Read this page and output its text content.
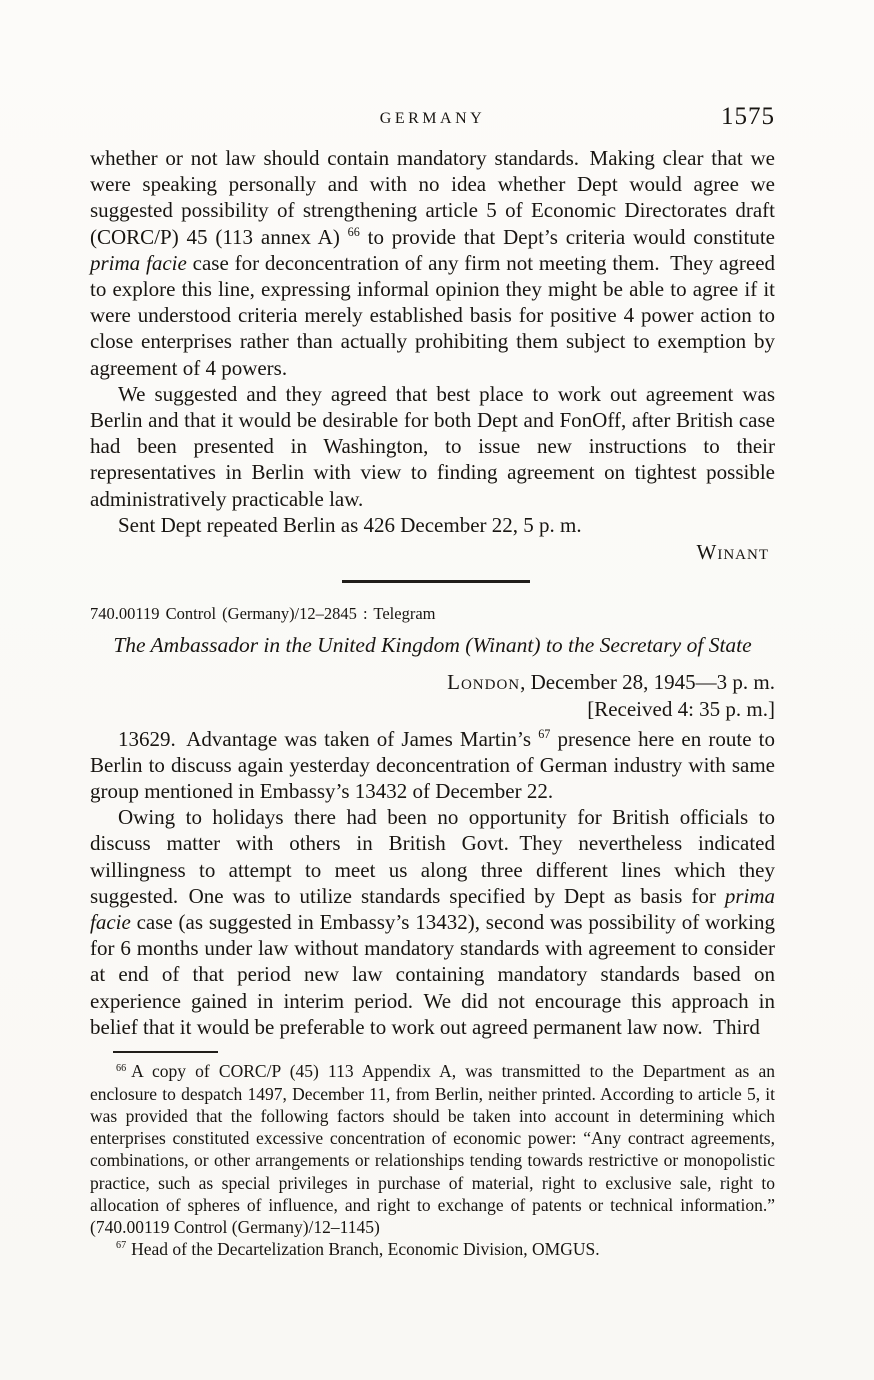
GERMANY	1575

whether or not law should contain mandatory standards. Making clear that we were speaking personally and with no idea whether Dept would agree we suggested possibility of strengthening article 5 of Economic Directorates draft (CORC/P) 45 (113 annex A) $^{66}$ to provide that Dept’s criteria would constitute prima facie case for deconcentration of any firm not meeting them. They agreed to explore this line, expressing informal opinion they might be able to agree if it were understood criteria merely established basis for positive 4 power action to close enterprises rather than actually prohibiting them subject to exemption by agreement of 4 powers.

We suggested and they agreed that best place to work out agreement was Berlin and that it would be desirable for both Dept and FonOff, after British case had been presented in Washington, to issue new instructions to their representatives in Berlin with view to finding agreement on tightest possible administratively practicable law.

Sent Dept repeated Berlin as 426 December 22, 5 p. m.

Winant

740.00119 Control (Germany)/12–2845 : Telegram

The Ambassador in the United Kingdom (Winant) to the Secretary of State

London, December 28, 1945—3 p. m.

[Received 4: 35 p. m.]

13629. Advantage was taken of James Martin’s $^{67}$ presence here en route to Berlin to discuss again yesterday deconcentration of German industry with same group mentioned in Embassy’s 13432 of December 22.

Owing to holidays there had been no opportunity for British officials to discuss matter with others in British Govt. They nevertheless indicated willingness to attempt to meet us along three different lines which they suggested. One was to utilize standards specified by Dept as basis for prima facie case (as suggested in Embassy’s 13432), second was possibility of working for 6 months under law without mandatory standards with agreement to consider at end of that period new law containing mandatory standards based on experience gained in interim period. We did not encourage this approach in belief that it would be preferable to work out agreed permanent law now. Third

$^{66}$ A copy of CORC/P (45) 113 Appendix A, was transmitted to the Department as an enclosure to despatch 1497, December 11, from Berlin, neither printed. According to article 5, it was provided that the following factors should be taken into account in determining which enterprises constituted excessive concentration of economic power: “Any contract agreements, combinations, or other arrangements or relationships tending towards restrictive or monopolistic practice, such as special privileges in purchase of material, right to exclusive sale, right to allocation of spheres of influence, and right to exchange of patents or technical information.” (740.00119 Control (Germany)/12–1145)

$^{67}$ Head of the Decartelization Branch, Economic Division, OMGUS.
